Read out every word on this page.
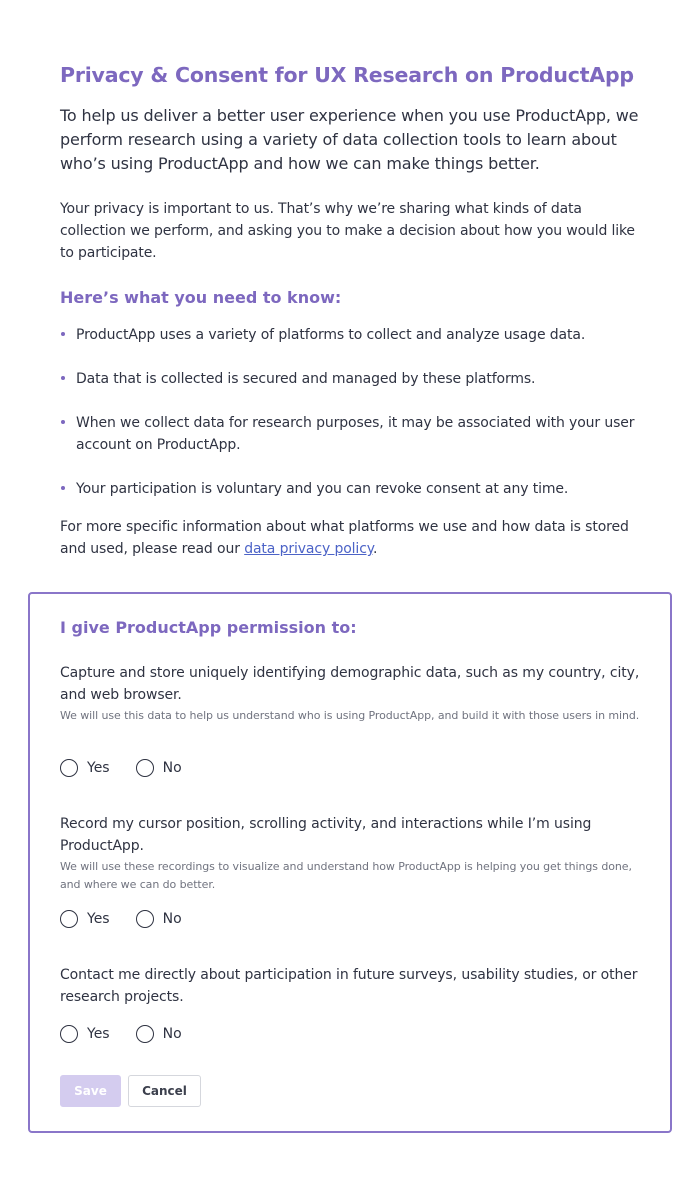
Privacy & Consent for UX Research on ProductApp

To help us deliver a better user experience when you use ProductApp, we perform research using a variety of data collection tools to learn about who’s using ProductApp and how we can make things better.

Your privacy is important to us. That’s why we’re sharing what kinds of data collection we perform, and asking you to make a decision about how you would like to participate.

Here’s what you need to know:
ProductApp uses a variety of platforms to collect and analyze usage data.
Data that is collected is secured and managed by these platforms.
When we collect data for research purposes, it may be associated with your user account on ProductApp.
Your participation is voluntary and you can revoke consent at any time.

For more specific information about what platforms we use and how data is stored and used, please read our data privacy policy.

I give ProductApp permission to:

Capture and store uniquely identifying demographic data, such as my country, city, and web browser.

We will use this data to help us understand who is using ProductApp, and build it with those users in mind.

Yes	No

Record my cursor position, scrolling activity, and interactions while I’m using ProductApp.

We will use these recordings to visualize and understand how ProductApp is helping you get things done, and where we can do better.

Yes	No

Contact me directly about participation in future surveys, usability studies, or other research projects.

Yes	No
Save	Cancel
